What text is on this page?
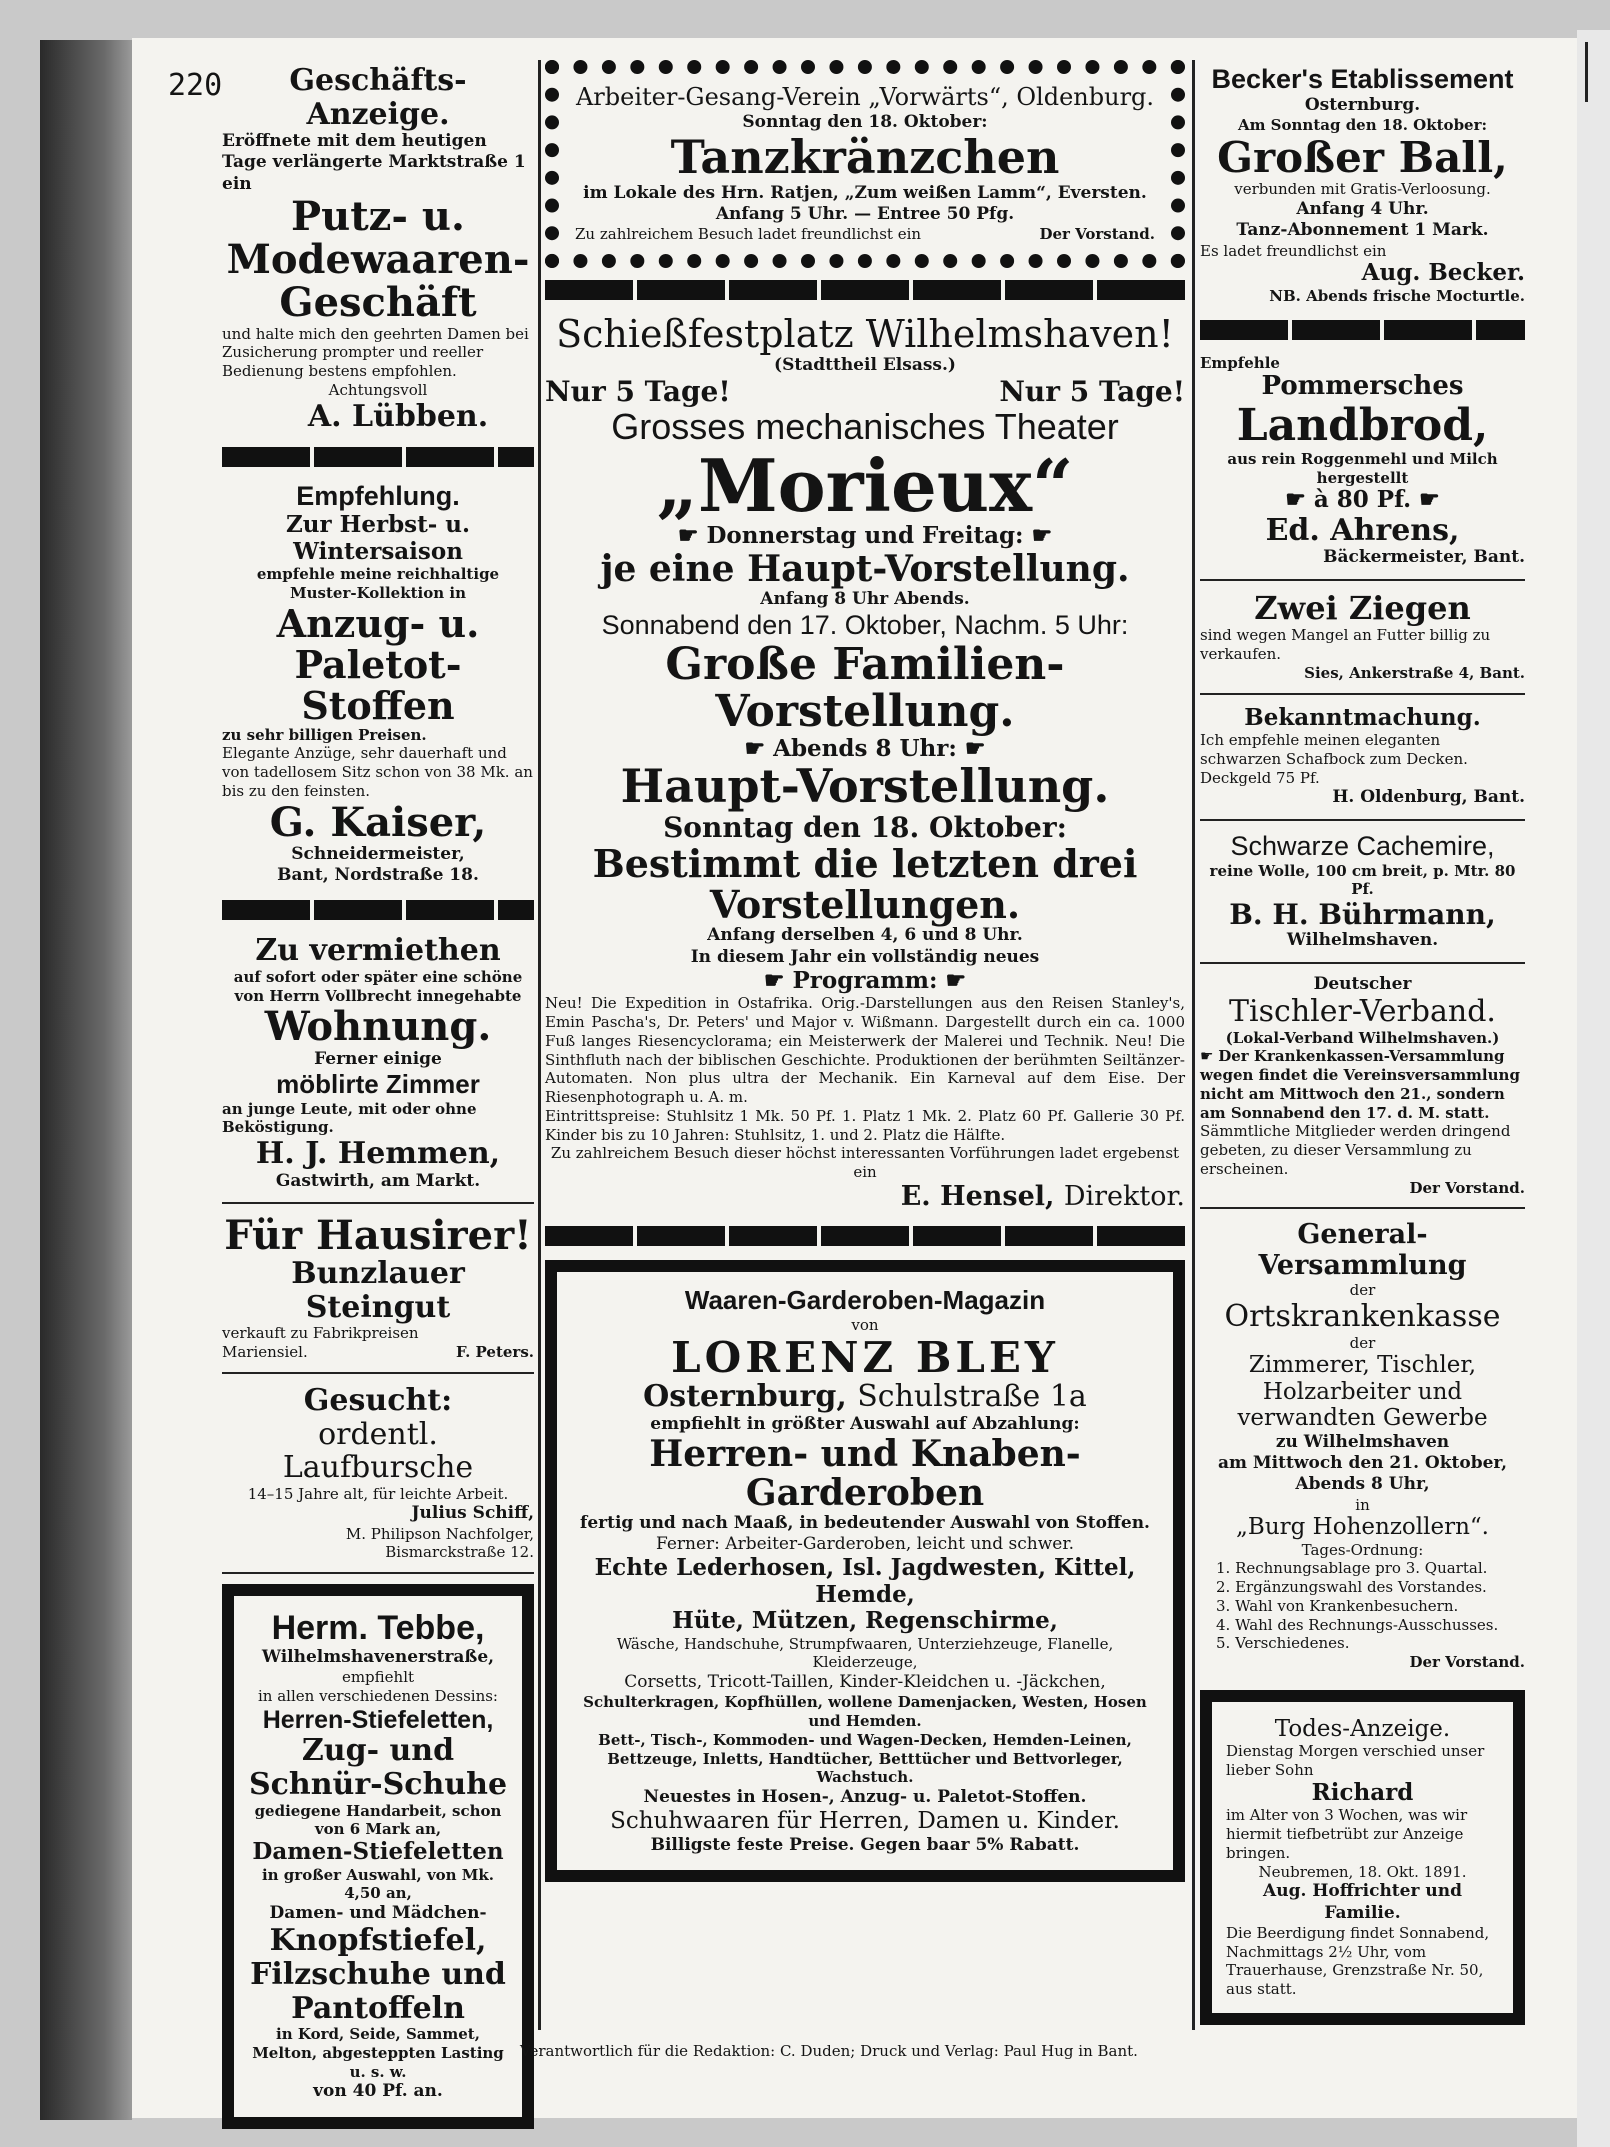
220	Geschäfts-Anzeige.
Eröffnete mit dem heutigen Tage verlängerte Marktstraße 1 ein
Putz- u. Modewaaren-Geschäft
und halte mich den geehrten Damen bei Zusicherung prompter und reeller Bedienung bestens empfohlen.
Achtungsvoll
A. Lübben.
Empfehlung.
Zur Herbst- u. Wintersaison
empfehle meine reichhaltige Muster-Kollektion in
Anzug- u. Paletot-Stoffen
zu sehr billigen Preisen.
Elegante Anzüge, sehr dauerhaft und von tadellosem Sitz schon von 38 Mk. an bis zu den feinsten.
G. Kaiser,
Schneidermeister,
Bant, Nordstraße 18.
Zu vermiethen
auf sofort oder später eine schöne von Herrn Vollbrecht innegehabte
Wohnung.
Ferner einige
möblirte Zimmer
an junge Leute, mit oder ohne Beköstigung.
H. J. Hemmen,
Gastwirth, am Markt.
Für Hausirer!
Bunzlauer Steingut
verkauft zu Fabrikpreisen
Mariensiel.	F. Peters.
Gesucht:
ordentl. Laufbursche
14–15 Jahre alt, für leichte Arbeit.
Julius Schiff,
M. Philipson Nachfolger,
Bismarckstraße 12.
Herm. Tebbe,
Wilhelmshavenerstraße,
empfiehlt
in allen verschiedenen Dessins:
Herren-Stiefeletten,
Zug- und Schnür-Schuhe
gediegene Handarbeit, schon von 6 Mark an,
Damen-Stiefeletten
in großer Auswahl, von Mk. 4,50 an,
Damen- und Mädchen-
Knopfstiefel,
Filzschuhe und Pantoffeln
in Kord, Seide, Sammet, Melton, abgesteppten Lasting u. s. w.
von 40 Pf. an.
Arbeiter-Gesang-Verein „Vorwärts“, Oldenburg.
Sonntag den 18. Oktober:
Tanzkränzchen
im Lokale des Hrn. Ratjen, „Zum weißen Lamm“, Eversten.
Anfang 5 Uhr. — Entree 50 Pfg.
Zu zahlreichem Besuch ladet freundlichst ein	Der Vorstand.
Schießfestplatz Wilhelmshaven!
(Stadttheil Elsass.)
Nur 5 Tage!	Nur 5 Tage!
Grosses mechanisches Theater
„Morieux“
☛ Donnerstag und Freitag: ☛
je eine Haupt-Vorstellung.
Anfang 8 Uhr Abends.
Sonnabend den 17. Oktober, Nachm. 5 Uhr:
Große Familien-Vorstellung.
☛ Abends 8 Uhr: ☛
Haupt-Vorstellung.
Sonntag den 18. Oktober:
Bestimmt die letzten drei Vorstellungen.
Anfang derselben 4, 6 und 8 Uhr.
In diesem Jahr ein vollständig neues
☛ Programm: ☛
Neu! Die Expedition in Ostafrika. Orig.-Darstellungen aus den Reisen Stanley's, Emin Pascha's, Dr. Peters' und Major v. Wißmann. Dargestellt durch ein ca. 1000 Fuß langes Riesencyclorama; ein Meisterwerk der Malerei und Technik. Neu! Die Sinthfluth nach der biblischen Geschichte. Produktionen der berühmten Seiltänzer-Automaten. Non plus ultra der Mechanik. Ein Karneval auf dem Eise. Der Riesenphotograph u. A. m.
Eintrittspreise: Stuhlsitz 1 Mk. 50 Pf. 1. Platz 1 Mk. 2. Platz 60 Pf. Gallerie 30 Pf. Kinder bis zu 10 Jahren: Stuhlsitz, 1. und 2. Platz die Hälfte.
Zu zahlreichem Besuch dieser höchst interessanten Vorführungen ladet ergebenst ein
E. Hensel, Direktor.
Waaren-Garderoben-Magazin
von
LORENZ BLEY
Osternburg, Schulstraße 1a
empfiehlt in größter Auswahl auf Abzahlung:
Herren- und Knaben-Garderoben
fertig und nach Maaß, in bedeutender Auswahl von Stoffen.
Ferner: Arbeiter-Garderoben, leicht und schwer.
Echte Lederhosen, Isl. Jagdwesten, Kittel, Hemde,
Hüte, Mützen, Regenschirme,
Wäsche, Handschuhe, Strumpfwaaren, Unterziehzeuge, Flanelle, Kleiderzeuge,
Corsetts, Tricott-Taillen, Kinder-Kleidchen u. -Jäckchen,
Schulterkragen, Kopfhüllen, wollene Damenjacken, Westen, Hosen und Hemden.
Bett-, Tisch-, Kommoden- und Wagen-Decken, Hemden-Leinen, Bettzeuge, Inletts, Handtücher, Betttücher und Bettvorleger, Wachstuch.
Neuestes in Hosen-, Anzug- u. Paletot-Stoffen.
Schuhwaaren für Herren, Damen u. Kinder.
Billigste feste Preise. Gegen baar 5% Rabatt.
Becker's Etablissement
Osternburg.
Am Sonntag den 18. Oktober:
Großer Ball,
verbunden mit Gratis-Verloosung.
Anfang 4 Uhr.
Tanz-Abonnement 1 Mark.
Es ladet freundlichst ein
Aug. Becker.
NB. Abends frische Mocturtle.
Empfehle
Pommersches
Landbrod,
aus rein Roggenmehl und Milch hergestellt
☛ à 80 Pf. ☛
Ed. Ahrens,
Bäckermeister, Bant.
Zwei Ziegen
sind wegen Mangel an Futter billig zu verkaufen.
Sies, Ankerstraße 4, Bant.
Bekanntmachung.
Ich empfehle meinen eleganten schwarzen Schafbock zum Decken. Deckgeld 75 Pf.
H. Oldenburg, Bant.
Schwarze Cachemire,
reine Wolle, 100 cm breit, p. Mtr. 80 Pf.
B. H. Bührmann,
Wilhelmshaven.
Deutscher
Tischler-Verband.
(Lokal-Verband Wilhelmshaven.)
☛ Der Krankenkassen-Versammlung wegen findet die Vereinsversammlung nicht am Mittwoch den 21., sondern am Sonnabend den 17. d. M. statt.
Sämmtliche Mitglieder werden dringend gebeten, zu dieser Versammlung zu erscheinen.
Der Vorstand.
General-Versammlung
der
Ortskrankenkasse
der
Zimmerer, Tischler, Holzarbeiter und verwandten Gewerbe
zu Wilhelmshaven
am Mittwoch den 21. Oktober, Abends 8 Uhr,
in
„Burg Hohenzollern“.
Tages-Ordnung:
1. Rechnungsablage pro 3. Quartal.
2. Ergänzungswahl des Vorstandes.
3. Wahl von Krankenbesuchern.
4. Wahl des Rechnungs-Ausschusses.
5. Verschiedenes.
Der Vorstand.
Todes-Anzeige.
Dienstag Morgen verschied unser lieber Sohn
Richard
im Alter von 3 Wochen, was wir hiermit tiefbetrübt zur Anzeige bringen.
Neubremen, 18. Okt. 1891.
Aug. Hoffrichter und Familie.
Die Beerdigung findet Sonnabend, Nachmittags 2½ Uhr, vom Trauerhause, Grenzstraße Nr. 50, aus statt.
Verantwortlich für die Redaktion: C. Duden; Druck und Verlag: Paul Hug in Bant.
